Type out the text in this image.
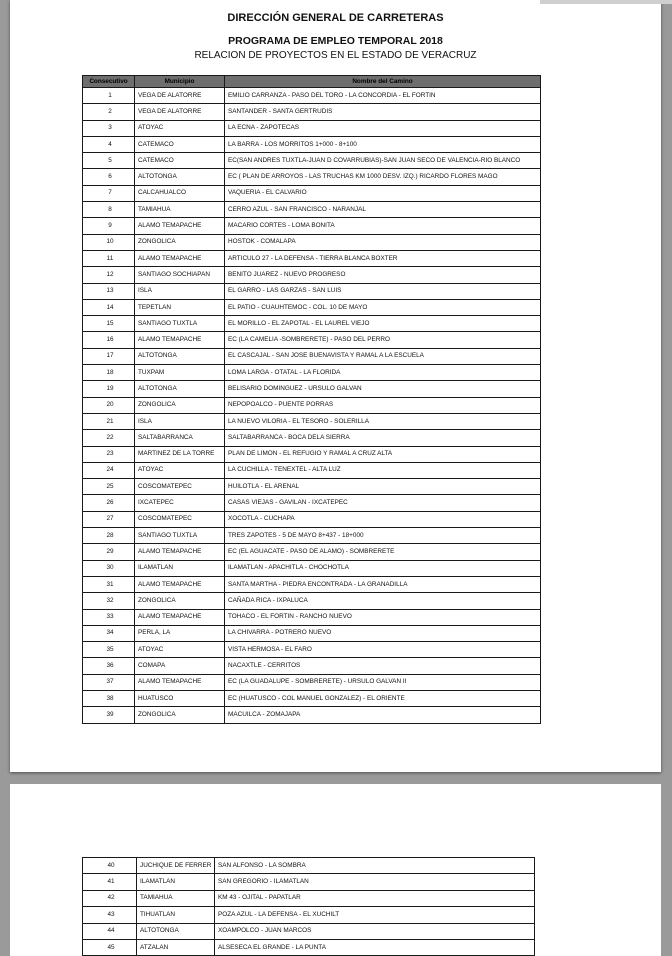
DIRECCIÓN GENERAL DE CARRETERAS
PROGRAMA DE EMPLEO TEMPORAL 2018
RELACION DE PROYECTOS EN EL ESTADO DE VERACRUZ
Consecutivo	Municipio	Nombre del Camino
1	VEGA DE ALATORRE	EMILIO CARRANZA - PASO DEL TORO - LA CONCORDIA - EL FORTIN
2	VEGA DE ALATORRE	SANTANDER - SANTA GERTRUDIS
3	ATOYAC	LA ECNA - ZAPOTECAS
4	CATEMACO	LA BARRA - LOS MORRITOS 1+000 - 8+100
5	CATEMACO	EC(SAN ANDRES TUXTLA-JUAN D COVARRUBIAS)-SAN JUAN SECO DE VALENCIA-RIO BLANCO
6	ALTOTONGA	EC ( PLAN DE ARROYOS - LAS TRUCHAS KM 1000 DESV. IZQ.) RICARDO FLORES MAGO
7	CALCAHUALCO	VAQUERIA - EL CALVARIO
8	TAMIAHUA	CERRO AZUL - SAN FRANCISCO - NARANJAL
9	ALAMO TEMAPACHE	MACARIO CORTES - LOMA BONITA
10	ZONGOLICA	HOSTOK - COMALAPA
11	ALAMO TEMAPACHE	ARTICULO 27 - LA DEFENSA - TIERRA BLANCA BOXTER
12	SANTIAGO SOCHIAPAN	BENITO JUAREZ - NUEVO PROGRESO
13	ISLA	EL GARRO - LAS GARZAS - SAN LUIS
14	TEPETLAN	EL PATIO - CUAUHTEMOC - COL. 10 DE MAYO
15	SANTIAGO TUXTLA	EL MORILLO - EL ZAPOTAL - EL LAUREL VIEJO
16	ALAMO TEMAPACHE	EC (LA CAMELIA -SOMBRERETE) - PASO DEL PERRO
17	ALTOTONGA	EL CASCAJAL - SAN JOSE BUENAVISTA Y RAMAL A LA ESCUELA
18	TUXPAM	LOMA LARGA - OTATAL - LA FLORIDA
19	ALTOTONGA	BELISARIO DOMINGUEZ - URSULO GALVAN
20	ZONGOLICA	NEPOPOALCO - PUENTE PORRAS
21	ISLA	LA NUEVO VILORIA - EL TESORO - SOLERILLA
22	SALTABARRANCA	SALTABARRANCA - BOCA DELA SIERRA
23	MARTINEZ DE LA TORRE	PLAN DE LIMON - EL REFUGIO Y RAMAL A CRUZ ALTA
24	ATOYAC	LA CUCHILLA - TENEXTEL - ALTA LUZ
25	COSCOMATEPEC	HUILOTLA - EL ARENAL
26	IXCATEPEC	CASAS VIEJAS - GAVILAN - IXCATEPEC
27	COSCOMATEPEC	XOCOTLA - CUCHAPA
28	SANTIAGO TUXTLA	TRES ZAPOTES - 5 DE MAYO 8+437 - 18+000
29	ALAMO TEMAPACHE	EC (EL AGUACATE - PASO DE ALAMO) - SOMBRERETE
30	ILAMATLAN	ILAMATLAN - APACHITLA - CHOCHOTLA
31	ALAMO TEMAPACHE	SANTA MARTHA - PIEDRA ENCONTRADA - LA GRANADILLA
32	ZONGOLICA	CAÑADA RICA - IXPALUCA
33	ALAMO TEMAPACHE	TOHACO - EL FORTIN - RANCHO NUEVO
34	PERLA, LA	LA CHIVARRA - POTRERO NUEVO
35	ATOYAC	VISTA HERMOSA - EL FARO
36	COMAPA	NACAXTLE - CERRITOS
37	ALAMO TEMAPACHE	EC (LA GUADALUPE - SOMBRERETE) - URSULO GALVAN II
38	HUATUSCO	EC (HUATUSCO - COL MANUEL GONZALEZ) - EL ORIENTE
39	ZONGOLICA	MACUILCA - ZOMAJAPA
40	JUCHIQUE DE FERRER	SAN ALFONSO - LA SOMBRA
41	ILAMATLAN	SAN GREGORIO - ILAMATLAN
42	TAMIAHUA	KM 43 - OJITAL - PAPATLAR
43	TIHUATLAN	POZA AZUL - LA DEFENSA - EL XUCHILT
44	ALTOTONGA	XOAMPOLCO - JUAN MARCOS
45	ATZALAN	ALSESECA EL GRANDE - LA PUNTA
